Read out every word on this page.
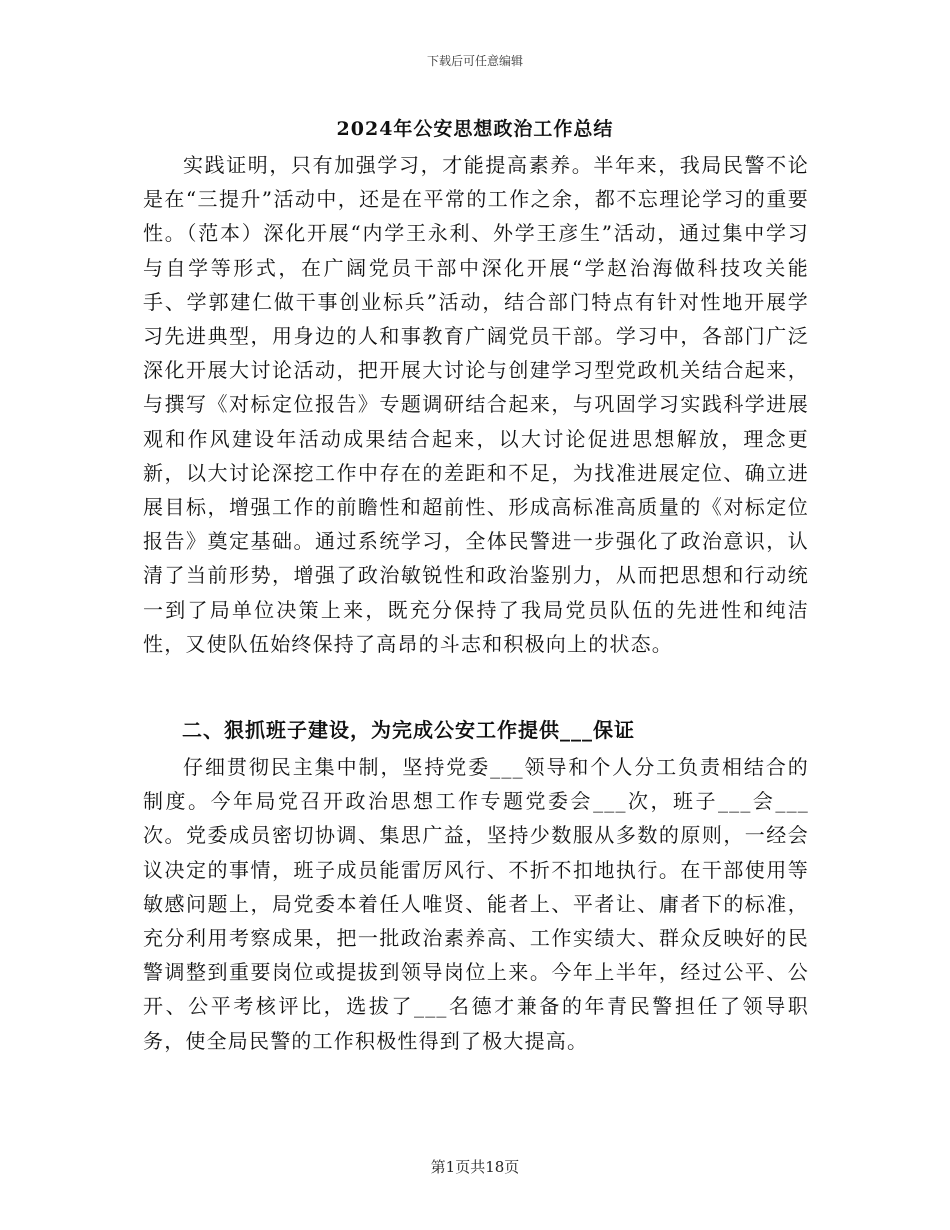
下载后可任意编辑
2024年公安思想政治工作总结
实践证明，只有加强学习，才能提高素养。半年来，我局民警不论是在“三提升”活动中，还是在平常的工作之余，都不忘理论学习的重要性。（范本）深化开展“内学王永利、外学王彦生”活动，通过集中学习与自学等形式，在广阔党员干部中深化开展“学赵治海做科技攻关能手、学郭建仁做干事创业标兵”活动，结合部门特点有针对性地开展学习先进典型，用身边的人和事教育广阔党员干部。学习中，各部门广泛深化开展大讨论活动，把开展大讨论与创建学习型党政机关结合起来，与撰写《对标定位报告》专题调研结合起来，与巩固学习实践科学进展观和作风建设年活动成果结合起来，以大讨论促进思想解放，理念更新，以大讨论深挖工作中存在的差距和不足，为找准进展定位、确立进展目标，增强工作的前瞻性和超前性、形成高标准高质量的《对标定位报告》奠定基础。通过系统学习，全体民警进一步强化了政治意识，认清了当前形势，增强了政治敏锐性和政治鉴别力，从而把思想和行动统一到了局单位决策上来，既充分保持了我局党员队伍的先进性和纯洁性，又使队伍始终保持了高昂的斗志和积极向上的状态。
二、狠抓班子建设，为完成公安工作提供___保证
仔细贯彻民主集中制，坚持党委___领导和个人分工负责相结合的制度。今年局党召开政治思想工作专题党委会___次，班子___会___次。党委成员密切协调、集思广益，坚持少数服从多数的原则，一经会议决定的事情，班子成员能雷厉风行、不折不扣地执行。在干部使用等敏感问题上，局党委本着任人唯贤、能者上、平者让、庸者下的标准，充分利用考察成果，把一批政治素养高、工作实绩大、群众反映好的民警调整到重要岗位或提拔到领导岗位上来。今年上半年，经过公平、公开、公平考核评比，选拔了___名德才兼备的年青民警担任了领导职务，使全局民警的工作积极性得到了极大提高。
第1页共18页
